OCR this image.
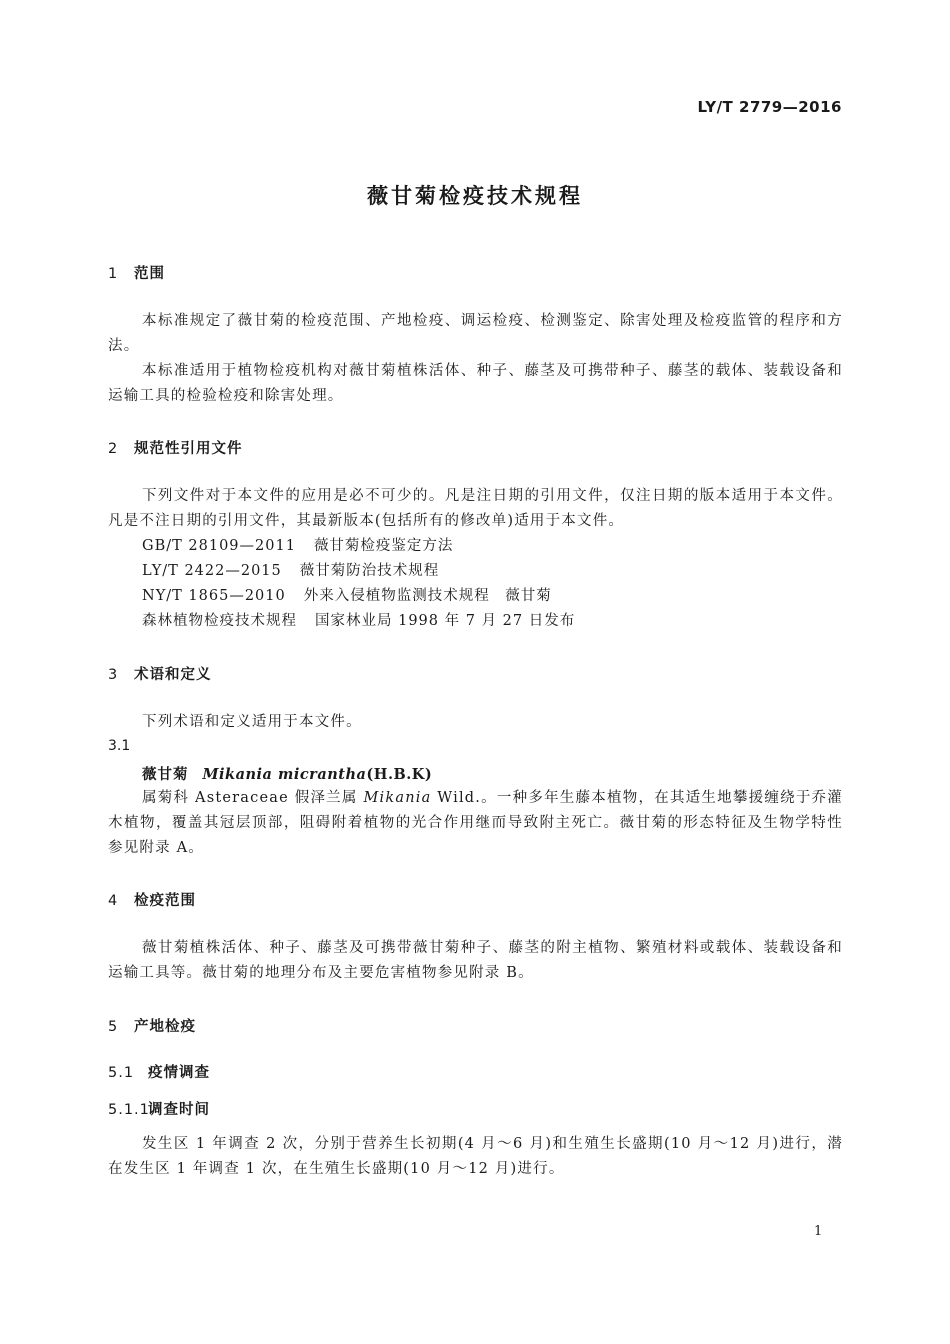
LY/T 2779—2016
薇甘菊检疫技术规程
1 范围

本标准规定了薇甘菊的检疫范围、产地检疫、调运检疫、检测鉴定、除害处理及检疫监管的程序和方法。

本标准适用于植物检疫机构对薇甘菊植株活体、种子、藤茎及可携带种子、藤茎的载体、装载设备和运输工具的检验检疫和除害处理。

2 规范性引用文件

下列文件对于本文件的应用是必不可少的。凡是注日期的引用文件，仅注日期的版本适用于本文件。凡是不注日期的引用文件，其最新版本(包括所有的修改单)适用于本文件。

GB/T 28109—2011 薇甘菊检疫鉴定方法
LY/T 2422—2015 薇甘菊防治技术规程
NY/T 1865—2010 外来入侵植物监测技术规程　薇甘菊
森林植物检疫技术规程 国家林业局 1998 年 7 月 27 日发布
3 术语和定义

下列术语和定义适用于本文件。

3.1
薇甘菊 Mikania micrantha(H.B.K)

属菊科 Asteraceae 假泽兰属 Mikania Wild.。一种多年生藤本植物，在其适生地攀援缠绕于乔灌木植物，覆盖其冠层顶部，阻碍附着植物的光合作用继而导致附主死亡。薇甘菊的形态特征及生物学特性参见附录 A。

4 检疫范围

薇甘菊植株活体、种子、藤茎及可携带薇甘菊种子、藤茎的附主植物、繁殖材料或载体、装载设备和运输工具等。薇甘菊的地理分布及主要危害植物参见附录 B。

5 产地检疫
5.1 疫情调查
5.1.1调查时间

发生区 1 年调查 2 次，分别于营养生长初期(4 月～6 月)和生殖生长盛期(10 月～12 月)进行，潜在发生区 1 年调查 1 次，在生殖生长盛期(10 月～12 月)进行。

1
